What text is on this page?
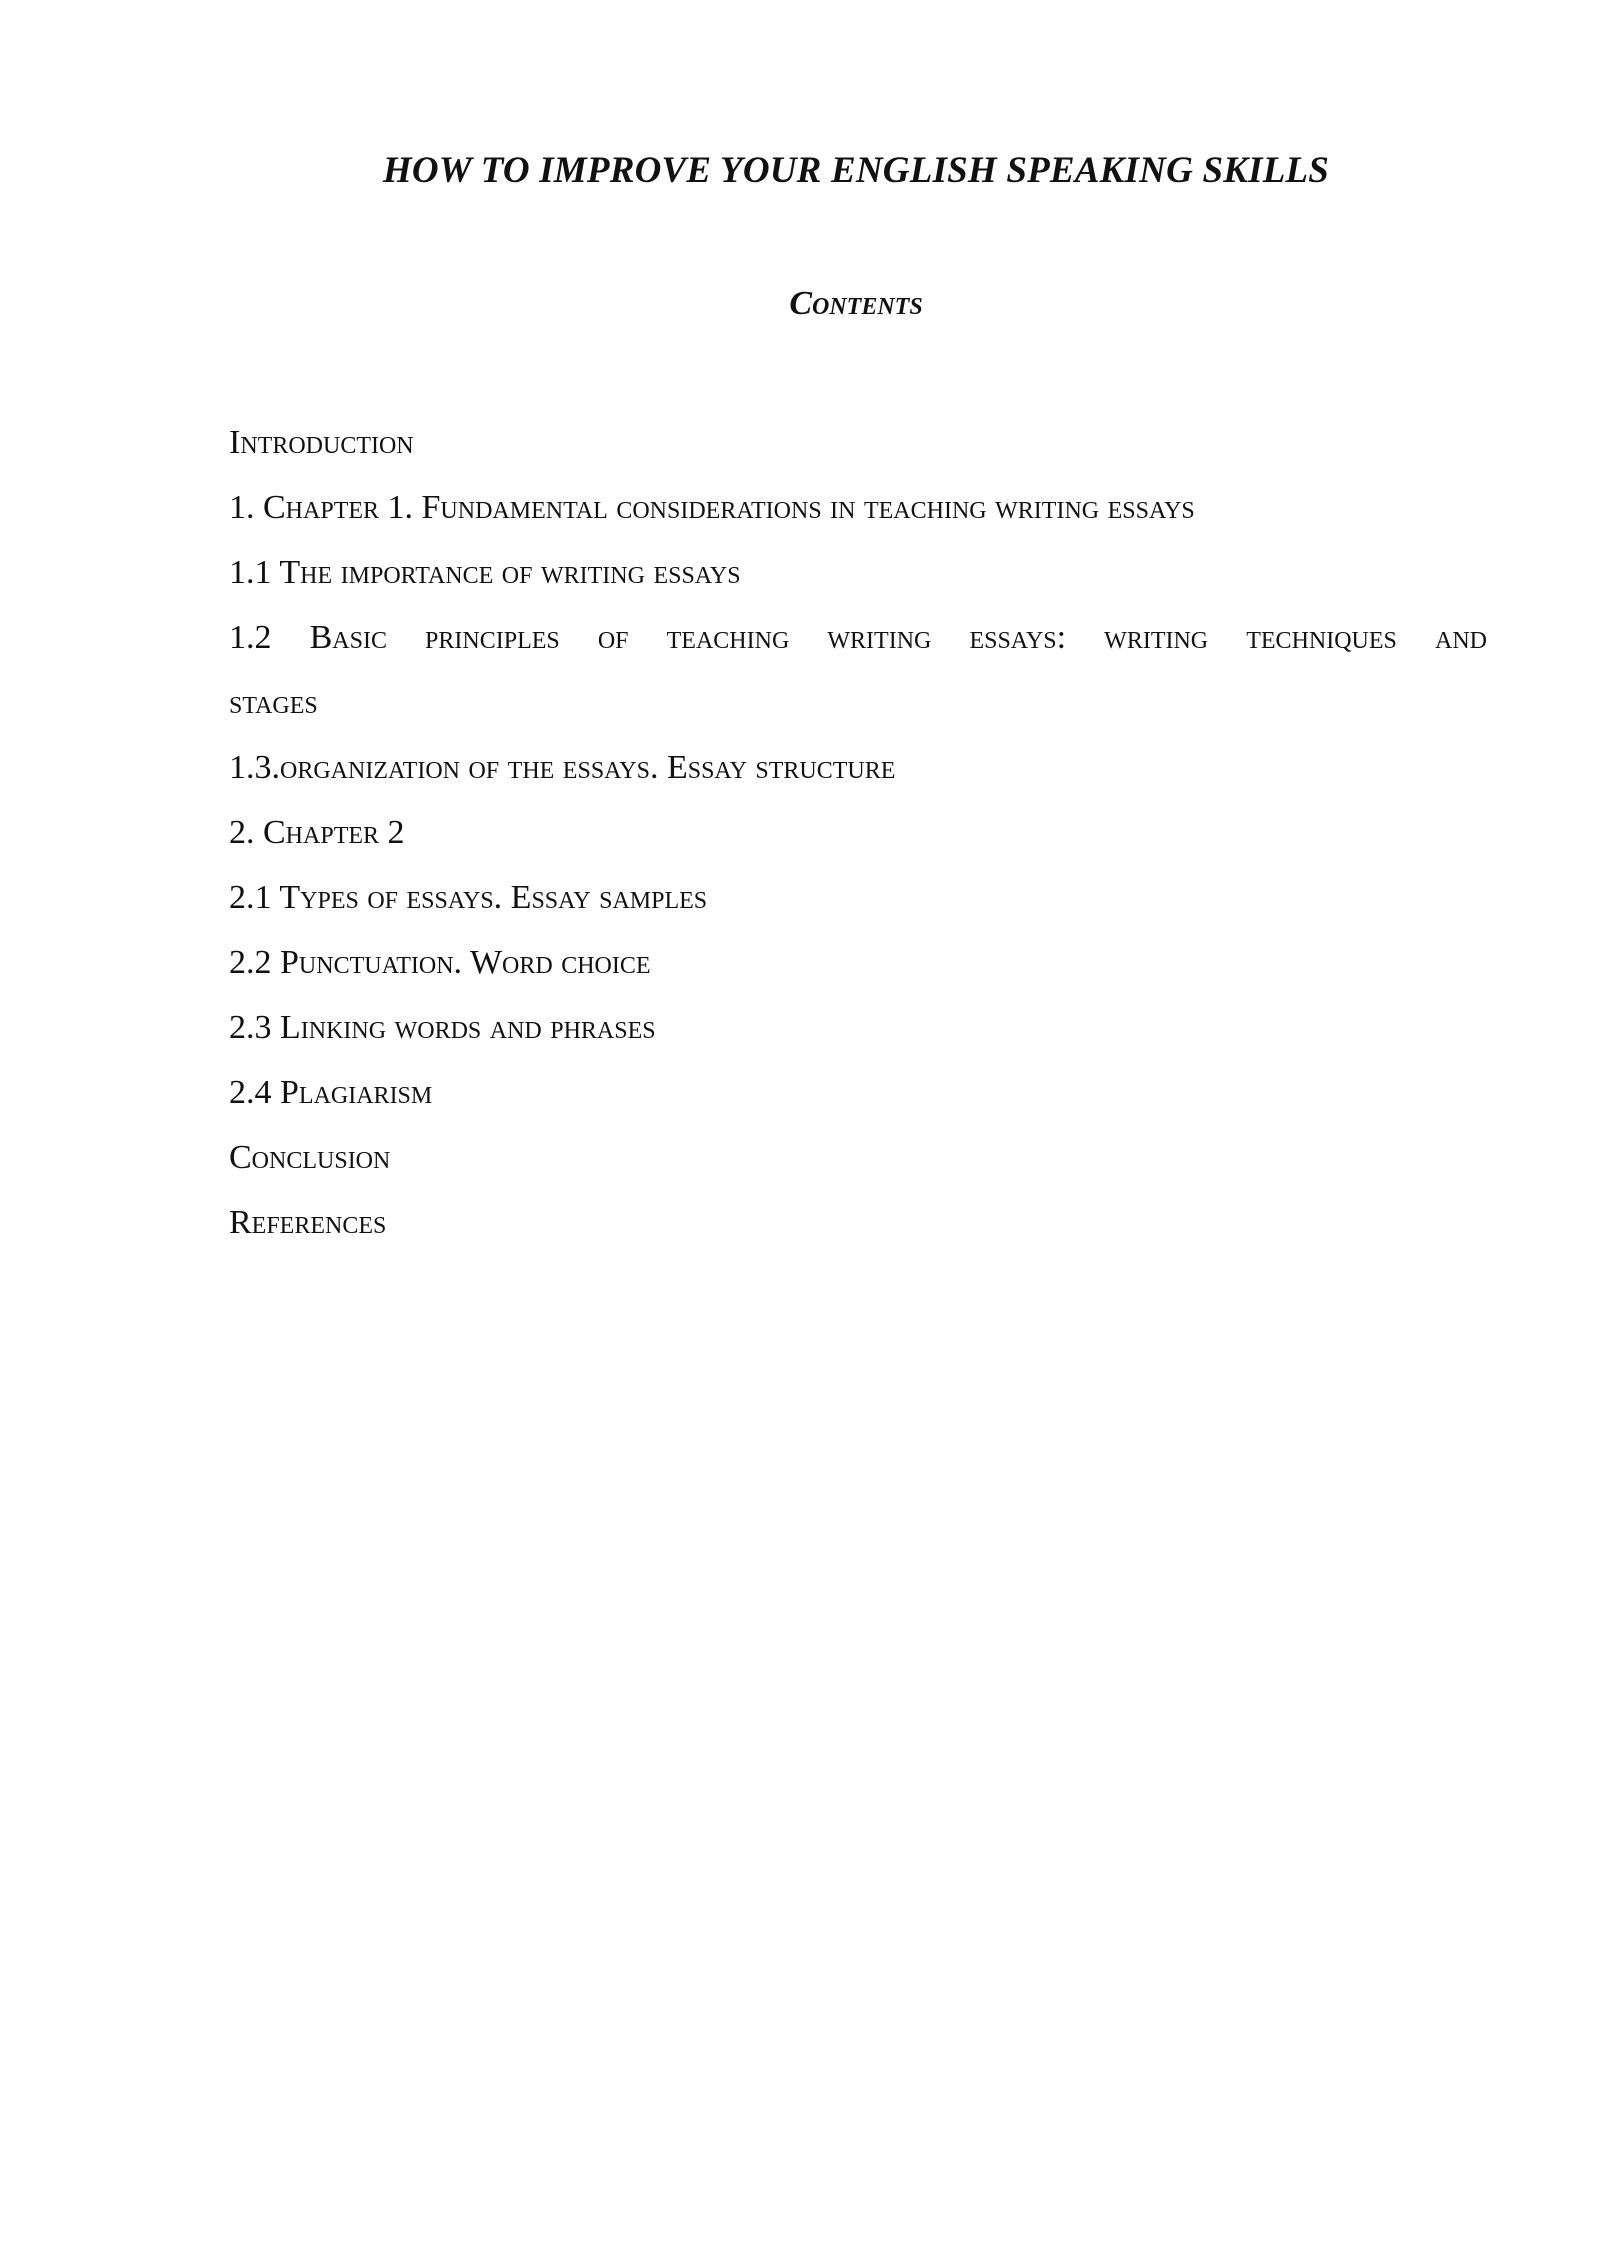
HOW TO IMPROVE YOUR ENGLISH SPEAKING SKILLS
Contents
Introduction
1. Chapter 1. Fundamental considerations in teaching writing essays
1.1 The importance of writing essays
1.2 Basic principles of teaching writing essays: writing techniques and
stages
1.3.organization of the essays. Essay structure
2. Chapter 2
2.1 Types of essays. Essay samples
2.2 Punctuation. Word choice
2.3 Linking words and phrases
2.4 Plagiarism
Conclusion
References
